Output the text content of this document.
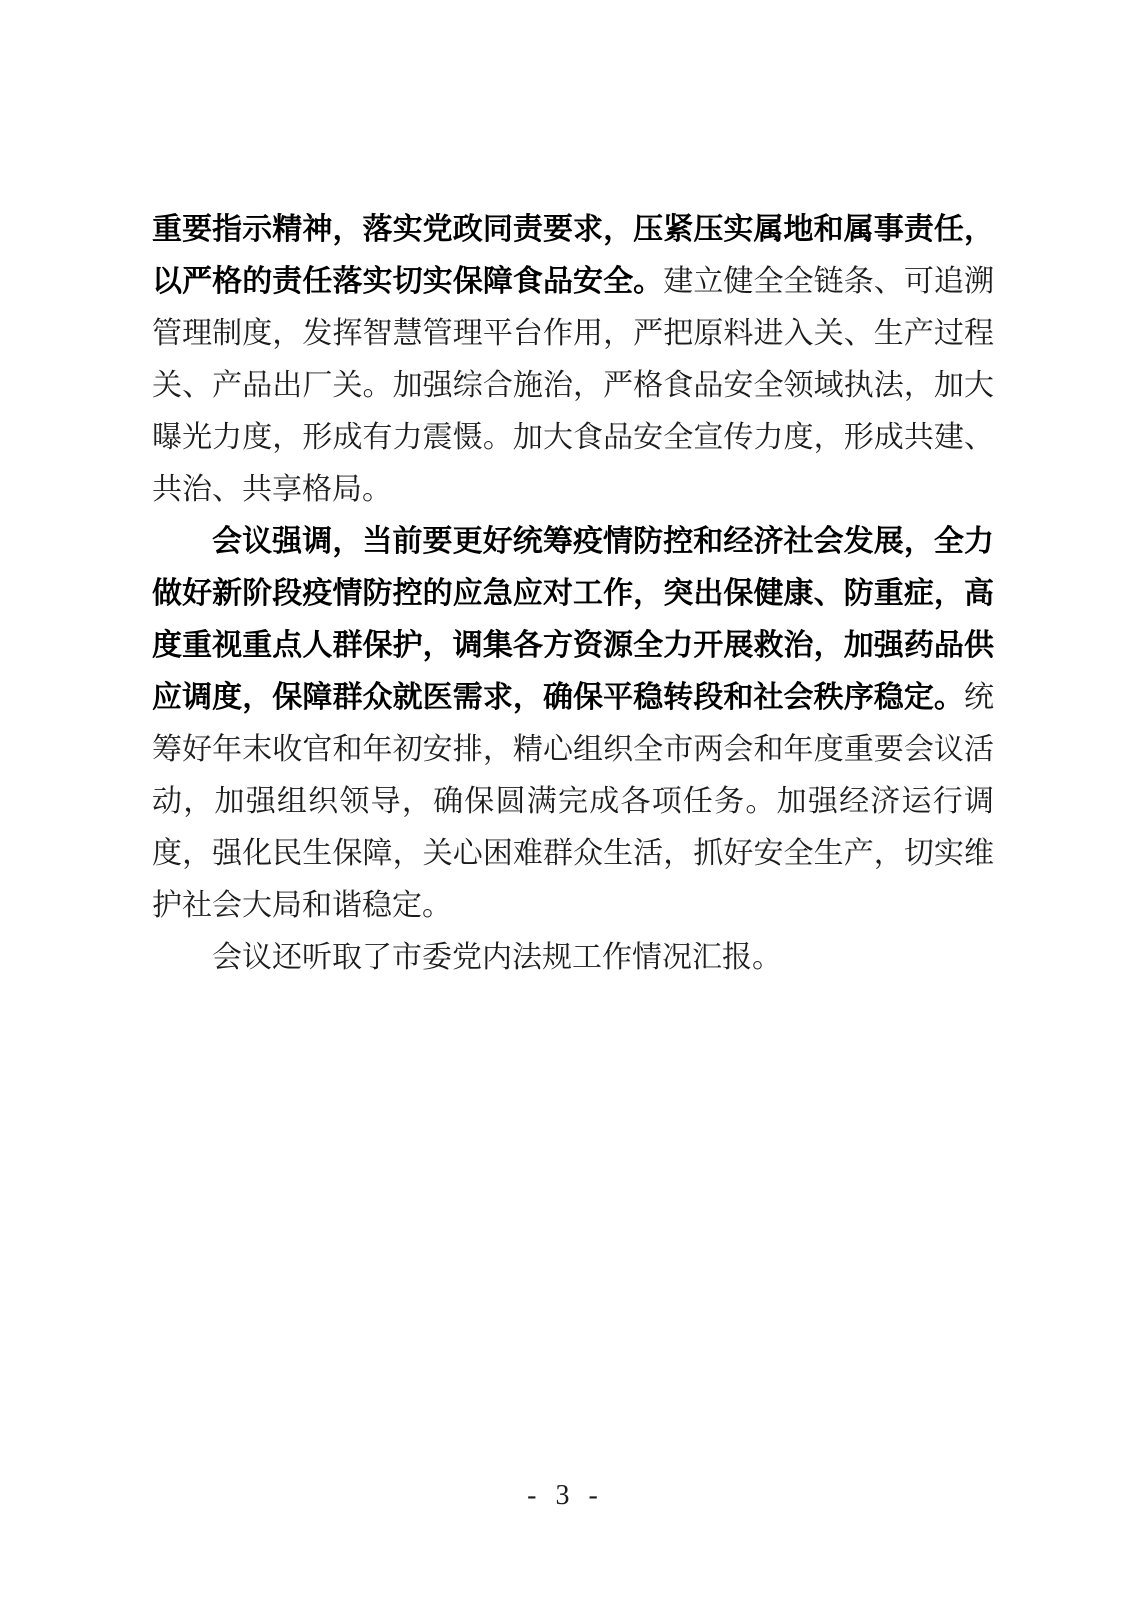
重要指示精神，落实党政同责要求，压紧压实属地和属事责任，以严格的责任落实切实保障食品安全。建立健全全链条、可追溯管理制度，发挥智慧管理平台作用，严把原料进入关、生产过程关、产品出厂关。加强综合施治，严格食品安全领域执法，加大曝光力度，形成有力震慑。加大食品安全宣传力度，形成共建、共治、共享格局。

会议强调，当前要更好统筹疫情防控和经济社会发展，全力做好新阶段疫情防控的应急应对工作，突出保健康、防重症，高度重视重点人群保护，调集各方资源全力开展救治，加强药品供应调度，保障群众就医需求，确保平稳转段和社会秩序稳定。统筹好年末收官和年初安排，精心组织全市两会和年度重要会议活动，加强组织领导，确保圆满完成各项任务。加强经济运行调度，强化民生保障，关心困难群众生活，抓好安全生产，切实维护社会大局和谐稳定。

会议还听取了市委党内法规工作情况汇报。

- 3 -
